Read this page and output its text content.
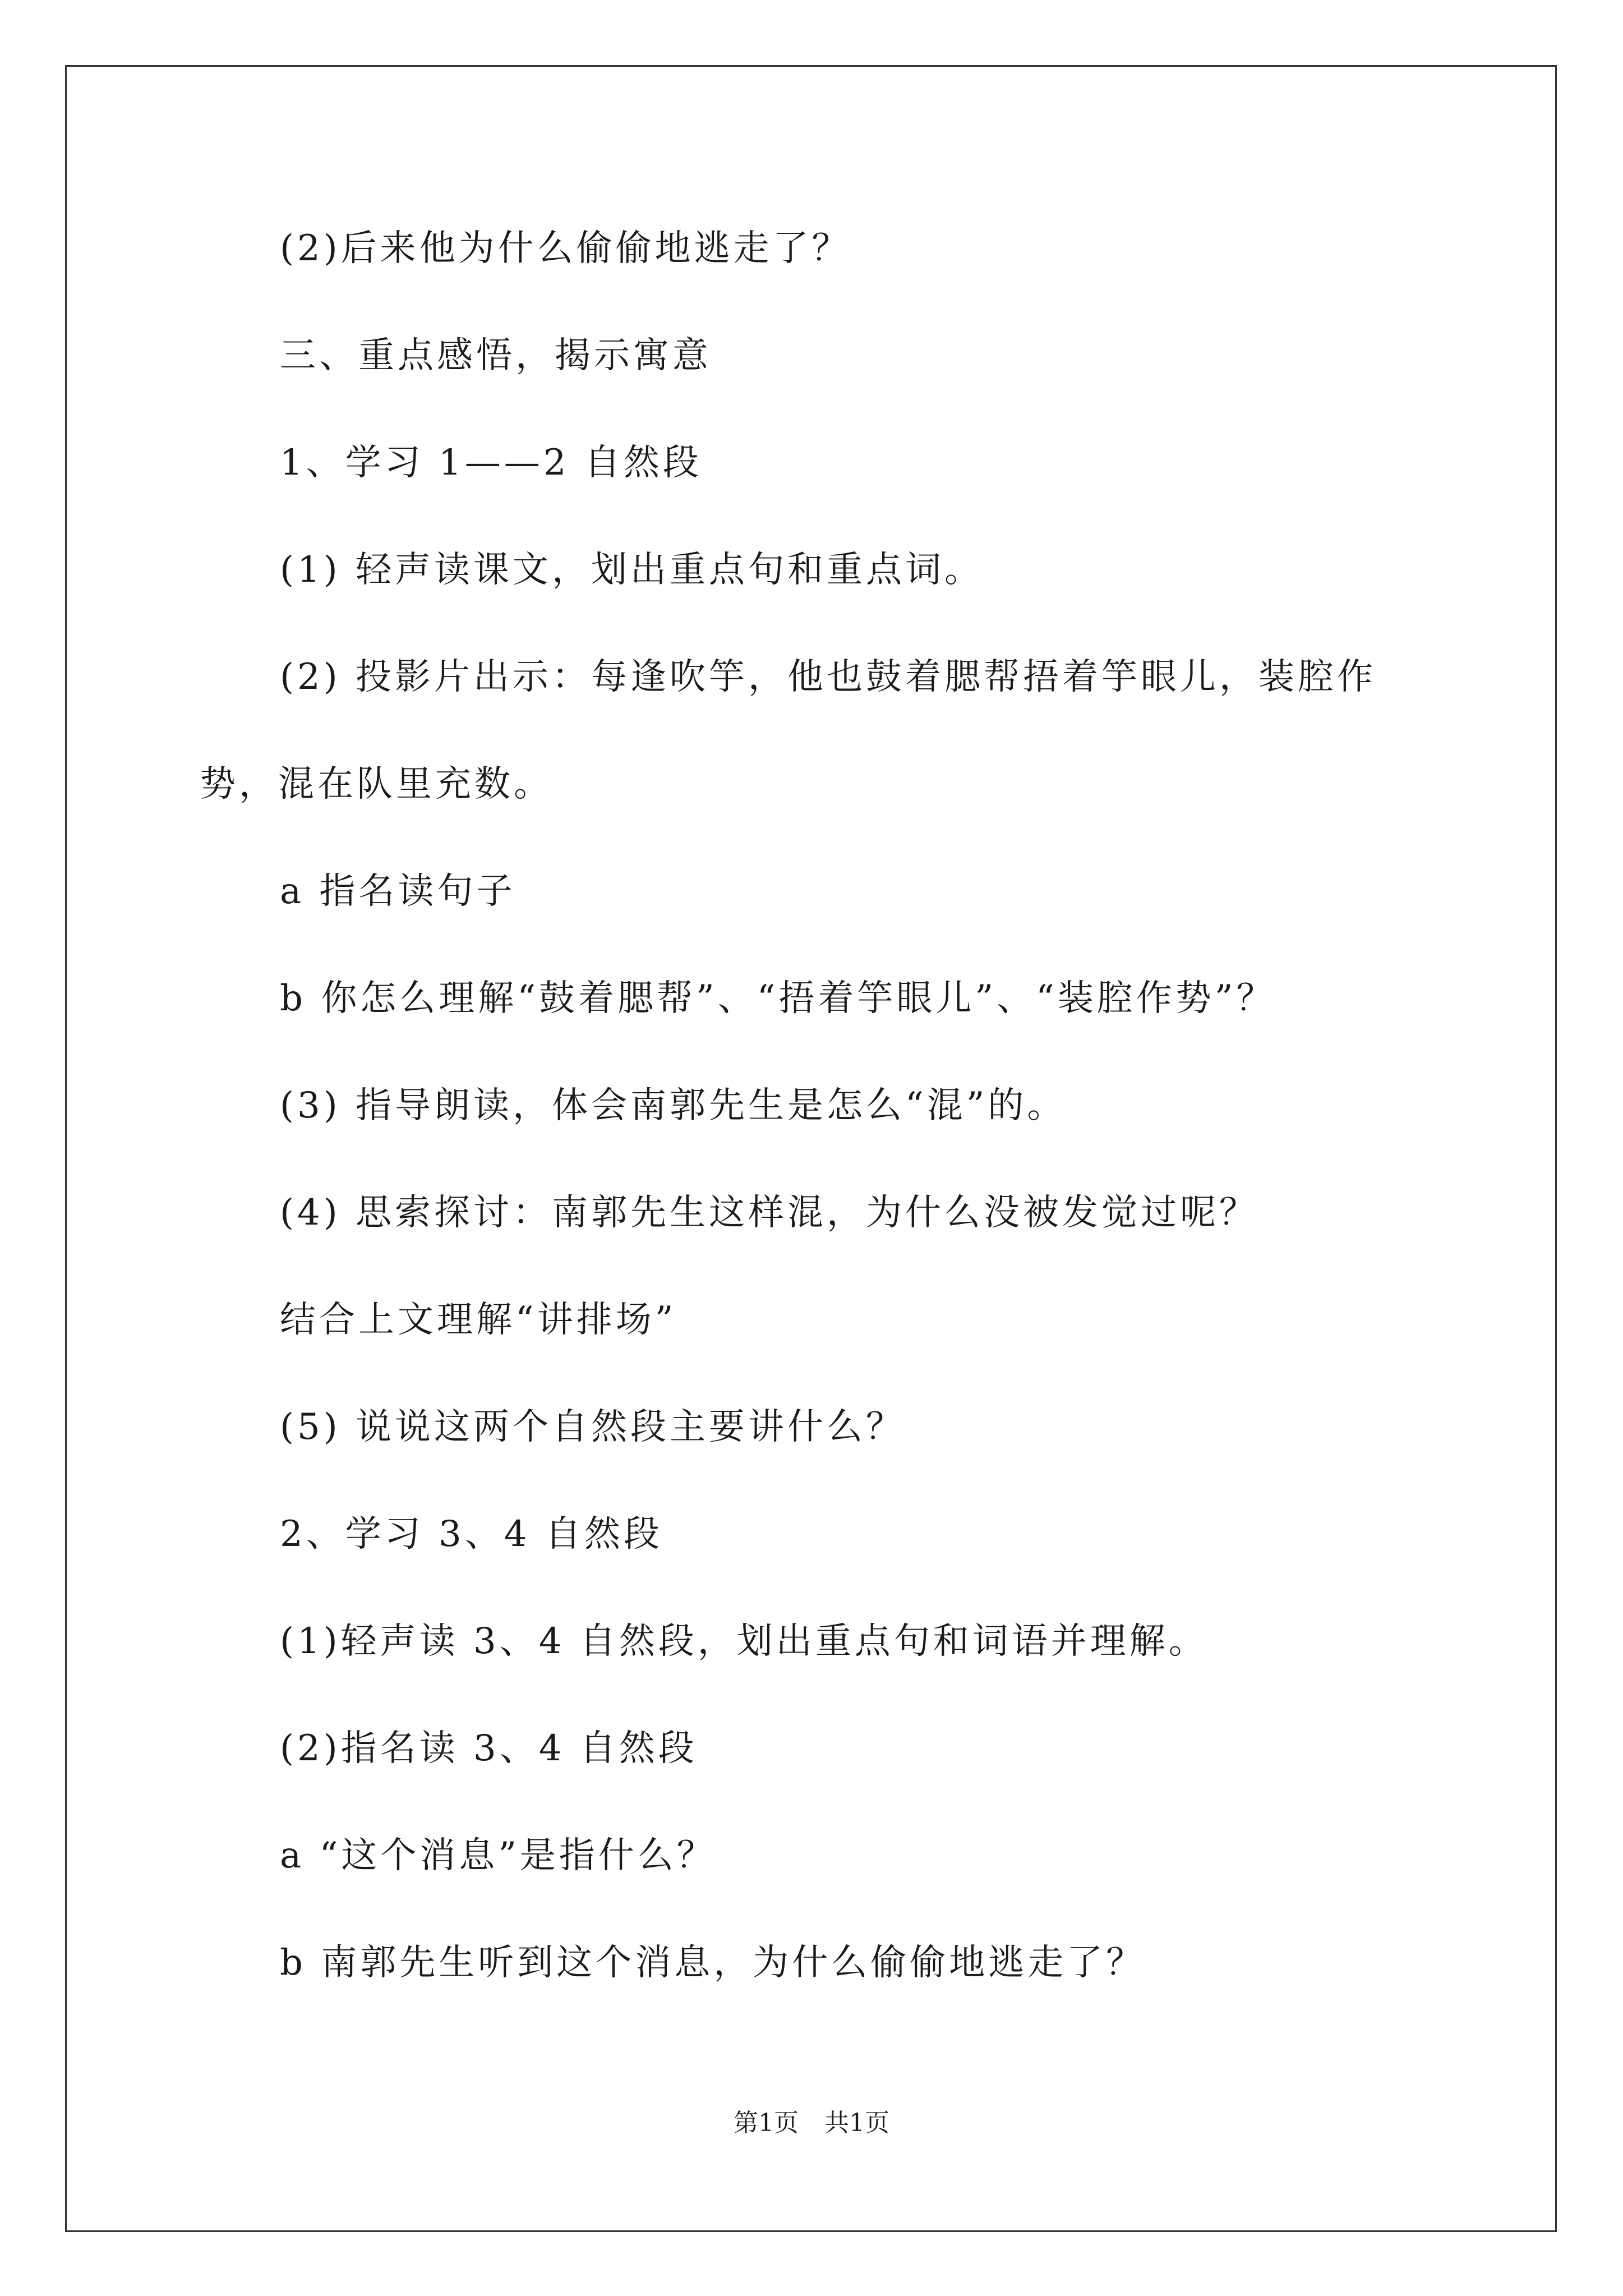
(2)后来他为什么偷偷地逃走了？
三、重点感悟，揭示寓意
1、学习 1——2 自然段
(1) 轻声读课文，划出重点句和重点词。
(2) 投影片出示：每逢吹竽，他也鼓着腮帮捂着竽眼儿，装腔作
势，混在队里充数。
a 指名读句子
b 你怎么理解“鼓着腮帮”、“捂着竽眼儿”、“装腔作势”？
(3) 指导朗读，体会南郭先生是怎么“混”的。
(4) 思索探讨：南郭先生这样混，为什么没被发觉过呢？
结合上文理解“讲排场”
(5) 说说这两个自然段主要讲什么？
2、学习 3、4 自然段
(1)轻声读 3、4 自然段，划出重点句和词语并理解。
(2)指名读 3、4 自然段
a “这个消息”是指什么？
b 南郭先生听到这个消息，为什么偷偷地逃走了？
第1页 共1页
